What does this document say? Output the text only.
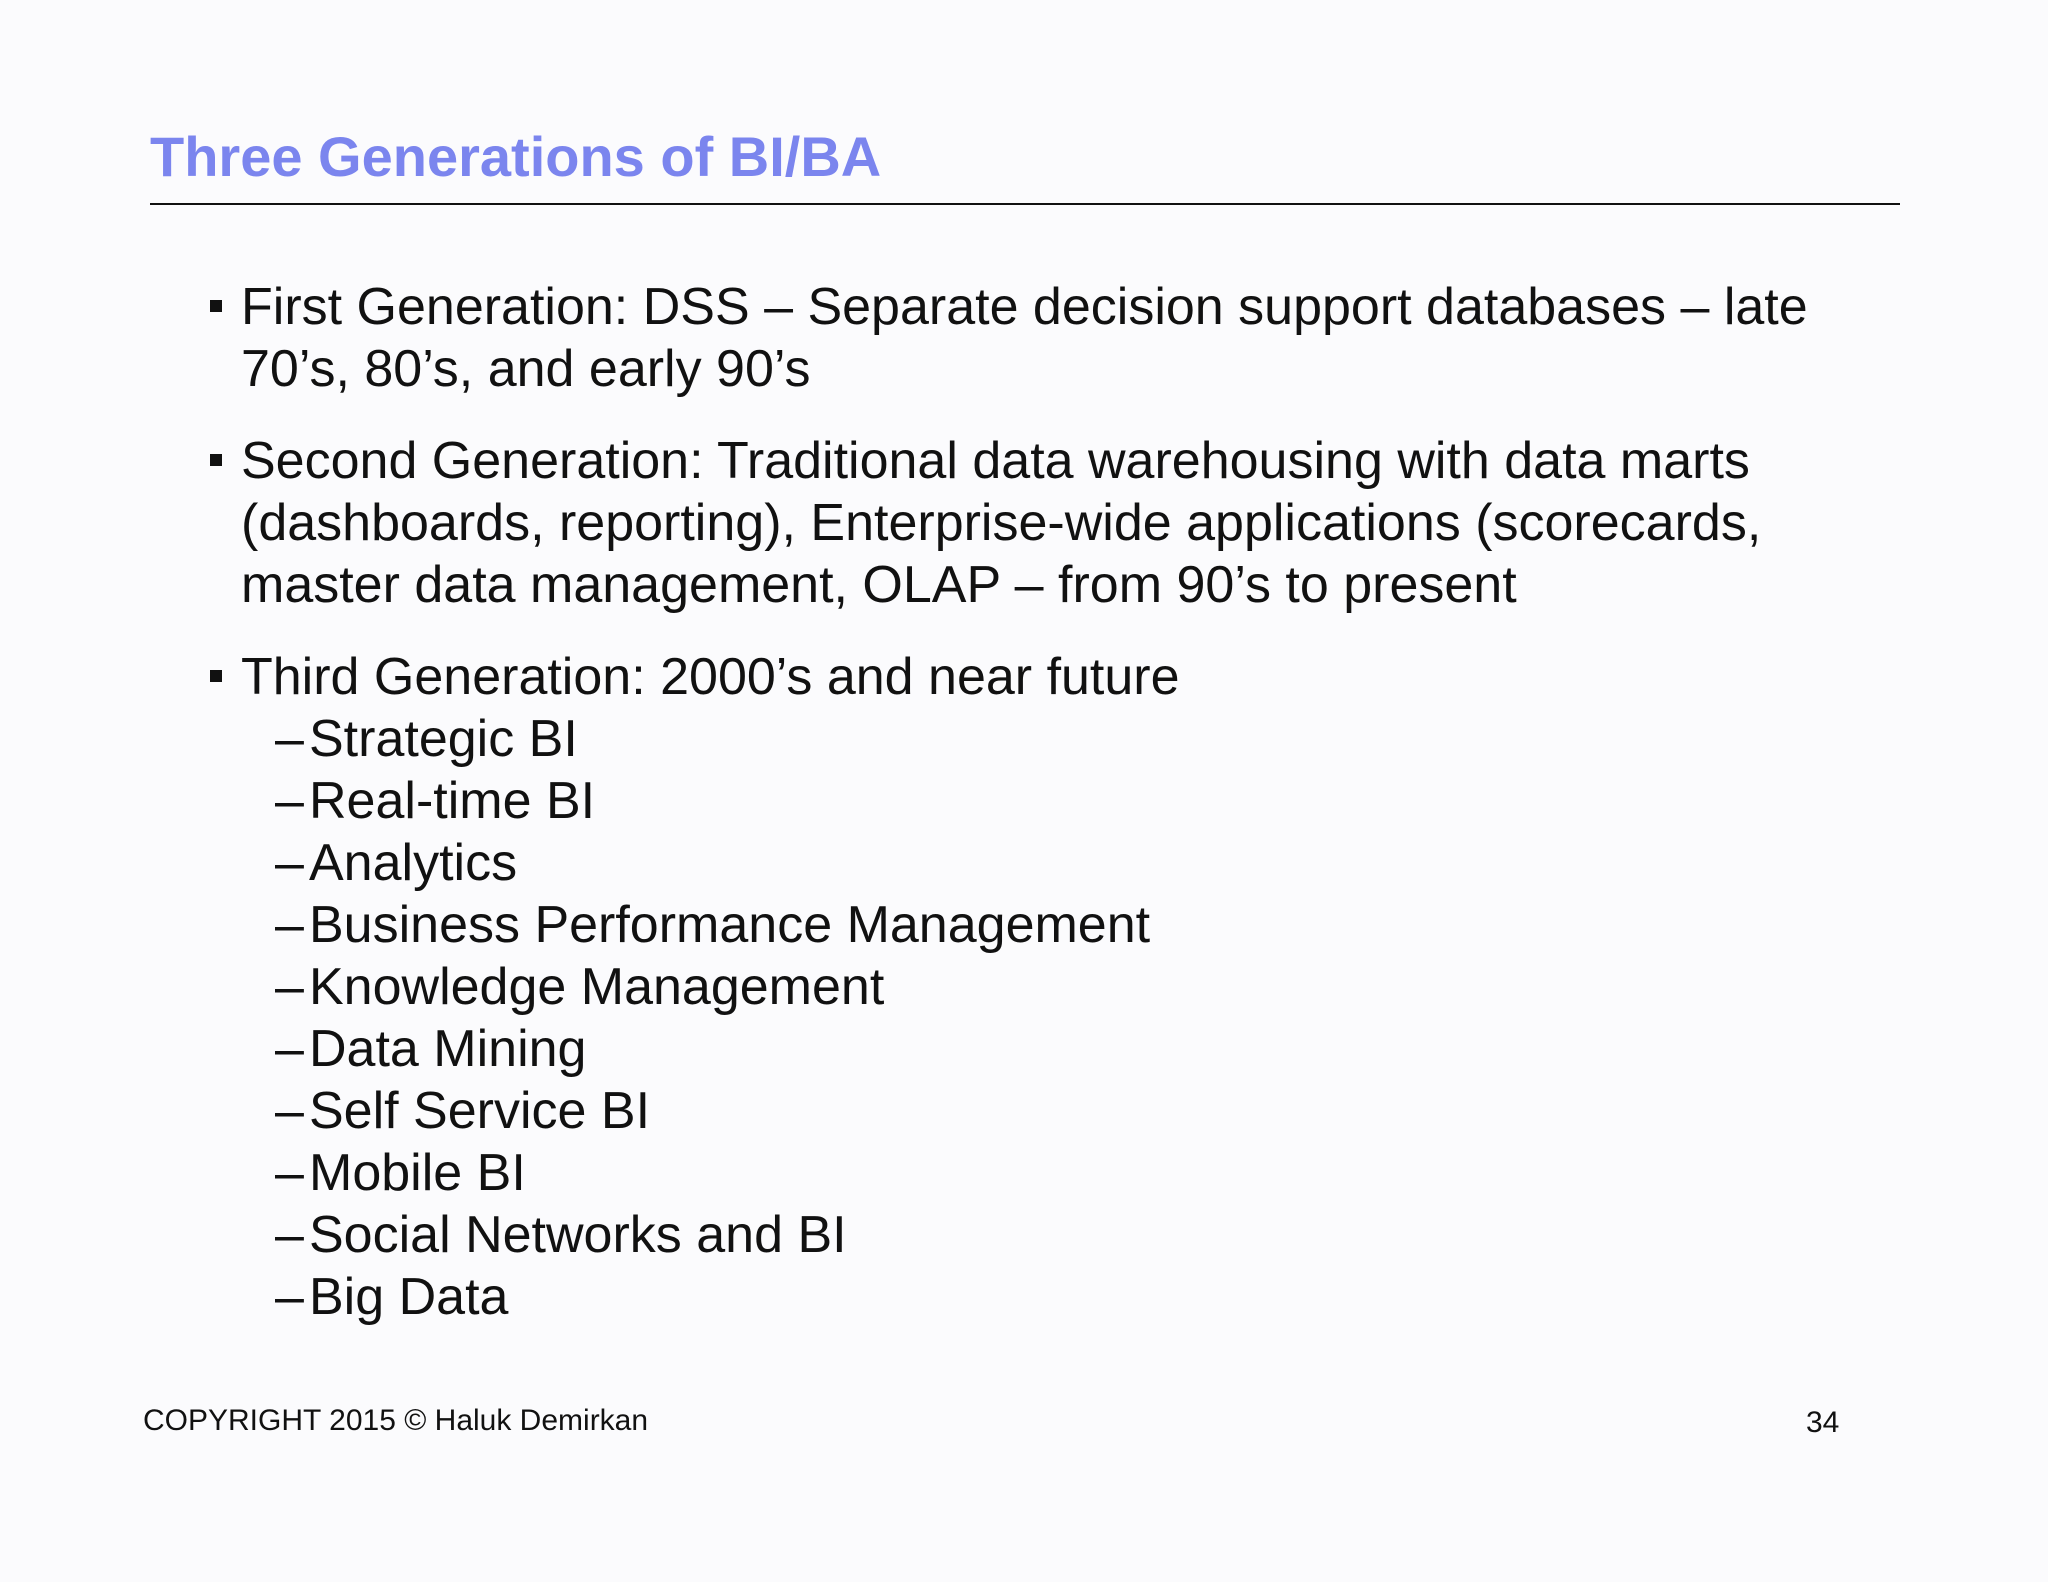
Three Generations of BI/BA
First Generation: DSS – Separate decision support databases – late 70’s, 80’s, and early 90’s
Second Generation: Traditional data warehousing with data marts (dashboards, reporting), Enterprise-wide applications (scorecards, master data management, OLAP – from 90’s to present
Third Generation: 2000’s and near future
– Strategic BI
– Real-time BI
– Analytics
– Business Performance Management
– Knowledge Management
– Data Mining
– Self Service BI
– Mobile BI
– Social Networks and BI
– Big Data
COPYRIGHT 2015 © Haluk Demirkan	34
